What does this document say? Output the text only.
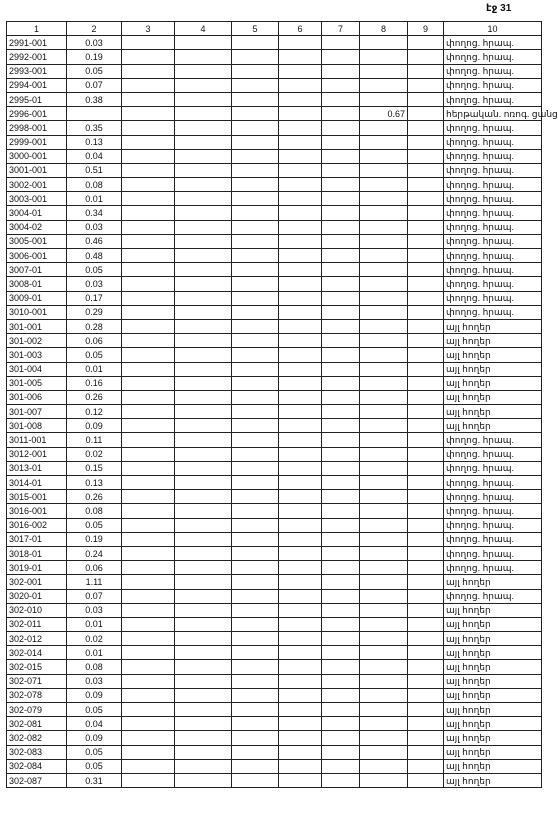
էջ 31
1	2	3	4	5	6	7	8	9	10
2991-001	0.03								փողոց. հրապ.
2992-001	0.19								փողոց. հրապ.
2993-001	0.05								փողոց. հրապ.
2994-001	0.07								փողոց. հրապ.
2995-01	0.38								փողոց. հրապ.
2996-001							0.67		հերթական. ոռոգ. ցանց
2998-001	0.35								փողոց. հրապ.
2999-001	0.13								փողոց. հրապ.
3000-001	0.04								փողոց. հրապ.
3001-001	0.51								փողոց. հրապ.
3002-001	0.08								փողոց. հրապ.
3003-001	0.01								փողոց. հրապ.
3004-01	0.34								փողոց. հրապ.
3004-02	0.03								փողոց. հրապ.
3005-001	0.46								փողոց. հրապ.
3006-001	0.48								փողոց. հրապ.
3007-01	0.05								փողոց. հրապ.
3008-01	0.03								փողոց. հրապ.
3009-01	0.17								փողոց. հրապ.
3010-001	0.29								փողոց. հրապ.
301-001	0.28								այլ հողեր
301-002	0.06								այլ հողեր
301-003	0.05								այլ հողեր
301-004	0.01								այլ հողեր
301-005	0.16								այլ հողեր
301-006	0.26								այլ հողեր
301-007	0.12								այլ հողեր
301-008	0.09								այլ հողեր
3011-001	0.11								փողոց. հրապ.
3012-001	0.02								փողոց. հրապ.
3013-01	0.15								փողոց. հրապ.
3014-01	0.13								փողոց. հրապ.
3015-001	0.26								փողոց. հրապ.
3016-001	0.08								փողոց. հրապ.
3016-002	0.05								փողոց. հրապ.
3017-01	0.19								փողոց. հրապ.
3018-01	0.24								փողոց. հրապ.
3019-01	0.06								փողոց. հրապ.
302-001	1.11								այլ հողեր
3020-01	0.07								փողոց. հրապ.
302-010	0.03								այլ հողեր
302-011	0.01								այլ հողեր
302-012	0.02								այլ հողեր
302-014	0.01								այլ հողեր
302-015	0.08								այլ հողեր
302-071	0.03								այլ հողեր
302-078	0.09								այլ հողեր
302-079	0.05								այլ հողեր
302-081	0.04								այլ հողեր
302-082	0.09								այլ հողեր
302-083	0.05								այլ հողեր
302-084	0.05								այլ հողեր
302-087	0.31								այլ հողեր
